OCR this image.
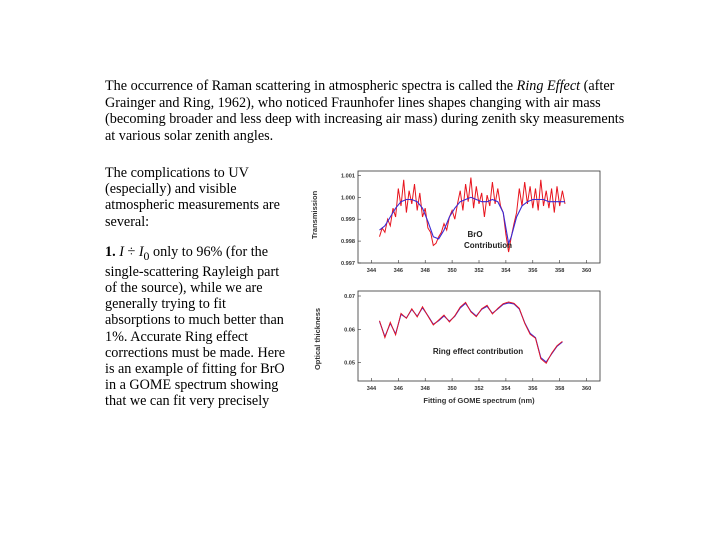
The occurrence of Raman scattering in atmospheric spectra is called the Ring Effect (after Grainger and Ring, 1962), who noticed Fraunhofer lines shapes changing with air mass (becoming broader and less deep with increasing air mass) during zenith sky measurements at various solar zenith angles.

The complications to UV (especially) and visible atmospheric measurements are several:

1. $I \div I_0$ only to 96% (for the single-scattering Rayleigh part of the source), while we are generally trying to fit absorptions to much better than 1%. Accurate Ring effect corrections must be made. Here is an example of fitting for BrO in a GOME spectrum showing that we can fit very precisely

Transmission
0.997
0.998
0.999
1.000
1.001
344	346	348	350	352	354	356	358	360
BrO
Contribution
Optical thickness	0.05
0.06
0.07
344	346	348	350	352	354	356	358	360
Ring effect contribution
Fitting of GOME spectrum (nm)
